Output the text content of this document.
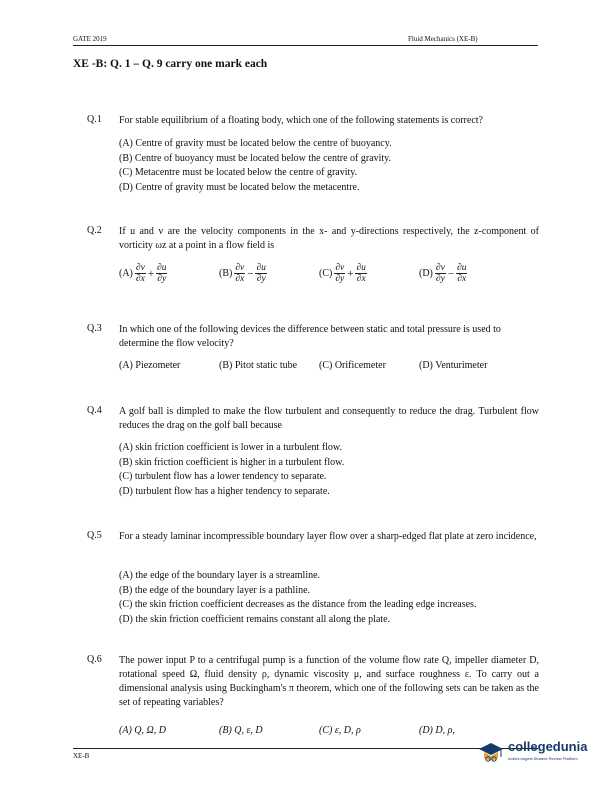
GATE 2019	Fluid Mechanics (XE-B)
XE -B: Q. 1 – Q. 9 carry one mark each
Q.1 For stable equilibrium of a floating body, which one of the following statements is correct?
(A) Centre of gravity must be located below the centre of buoyancy.
(B) Centre of buoyancy must be located below the centre of gravity.
(C) Metacentre must be located below the centre of gravity.
(D) Centre of gravity must be located below the metacentre.
Q.2 If u and v are the velocity components in the x- and y-directions respectively, the z-component of vorticity ωz at a point in a flow field is
$(A) \frac{\partial v}{\partial x} + \frac{\partial u}{\partial y}$	$(B) \frac{\partial v}{\partial x} - \frac{\partial u}{\partial y}$	$(C) \frac{\partial v}{\partial y} + \frac{\partial u}{\partial x}$	$(D) \frac{\partial v}{\partial y} - \frac{\partial u}{\partial x}$
Q.3 In which one of the following devices the difference between static and total pressure is used to determine the flow velocity?
(A) Piezometer	(B) Pitot static tube (C) Orificemeter	(D) Venturimeter
Q.4 A golf ball is dimpled to make the flow turbulent and consequently to reduce the drag. Turbulent flow reduces the drag on the golf ball because
(A) skin friction coefficient is lower in a turbulent flow.
(B) skin friction coefficient is higher in a turbulent flow.
(C) turbulent flow has a lower tendency to separate.
(D) turbulent flow has a higher tendency to separate.
Q.5 For a steady laminar incompressible boundary layer flow over a sharp-edged flat plate at zero incidence,
(A) the edge of the boundary layer is a streamline.
(B) the edge of the boundary layer is a pathline.
(C) the skin friction coefficient decreases as the distance from the leading edge increases.
(D) the skin friction coefficient remains constant all along the plate.
Q.6 The power input P to a centrifugal pump is a function of the volume flow rate Q, impeller diameter D, rotational speed Ω, fluid density ρ, dynamic viscosity μ, and surface roughness ε. To carry out a dimensional analysis using Buckingham's π theorem, which one of the following sets can be taken as the set of repeating variables?
(A) Q, Ω, D	(B) Q, ε, D	(C) ε, D, ρ	(D) D, ρ,
XE-B
collegedunia
India's largest Student Review Platform
